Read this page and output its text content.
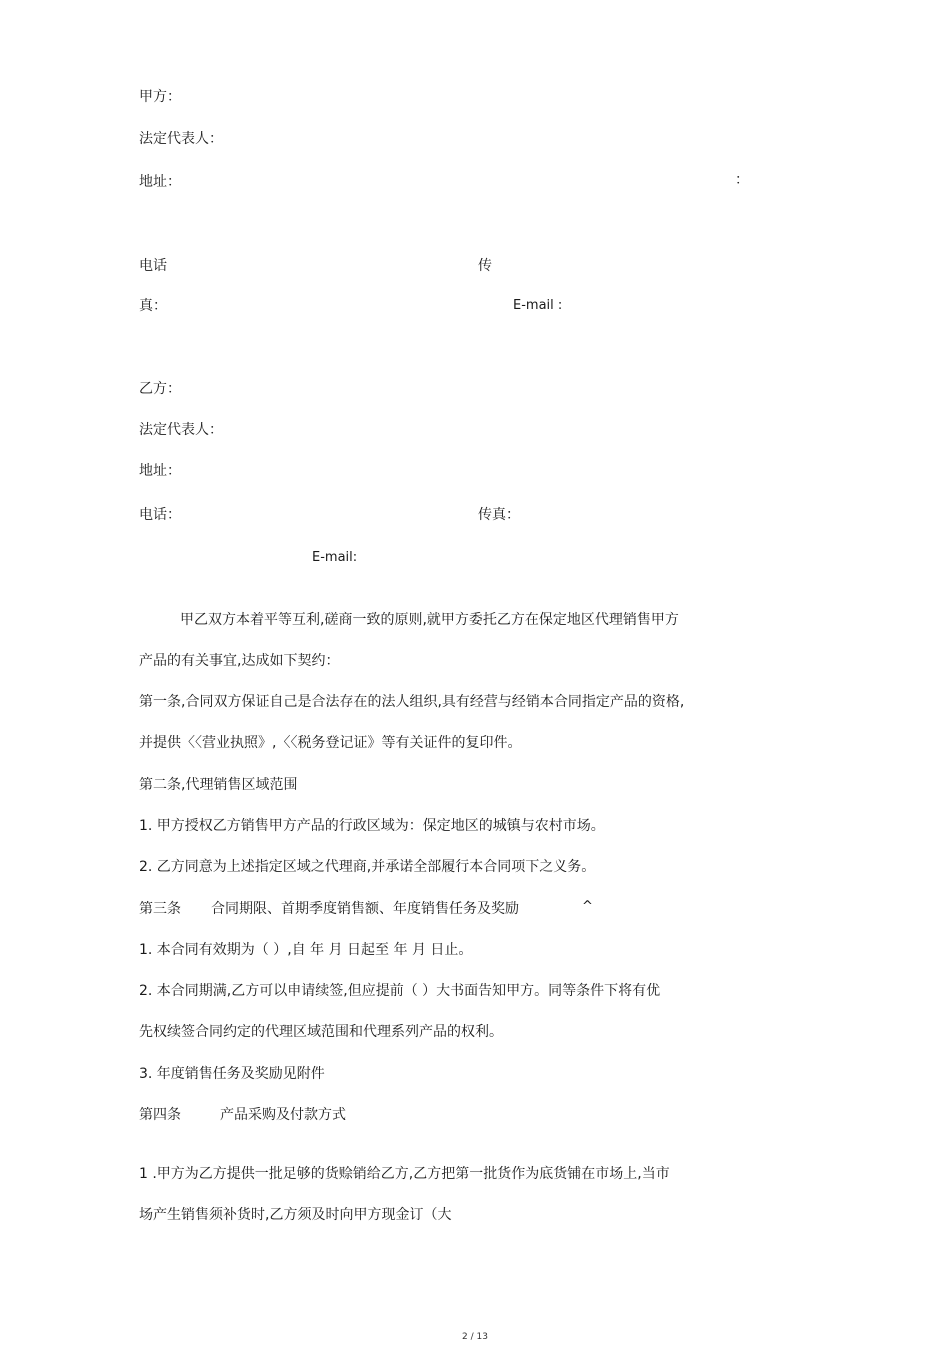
甲方：
法定代表人：
地址：	：
电话	传
真：	E-mail :
乙方：
法定代表人：
地址：
电话：	传真：
E-mail:
甲乙双方本着平等互利,磋商一致的原则,就甲方委托乙方在保定地区代理销售甲方
产品的有关事宜,达成如下契约：
第一条,合同双方保证自己是合法存在的法人组织,具有经营与经销本合同指定产品的资格,
并提供〈〈营业执照》,〈〈税务登记证》等有关证件的复印件。
第二条,代理销售区域范围
1. 甲方授权乙方销售甲方产品的行政区域为：保定地区的城镇与农村市场。
2. 乙方同意为上述指定区域之代理商,并承诺全部履行本合同项下之义务。
第三条 合同期限、首期季度销售额、年度销售任务及奖励	^
1. 本合同有效期为（ ）,自 年 月 日起至 年 月 日止。
2. 本合同期满,乙方可以申请续签,但应提前（ ）大书面告知甲方。同等条件下将有优
先权续签合同约定的代理区域范围和代理系列产品的权利。
3. 年度销售任务及奖励见附件
第四条	产品采购及付款方式
1 .甲方为乙方提供一批足够的货赊销给乙方,乙方把第一批货作为底货铺在市场上,当市
场产生销售须补货时,乙方须及时向甲方现金订（大
2 / 13
